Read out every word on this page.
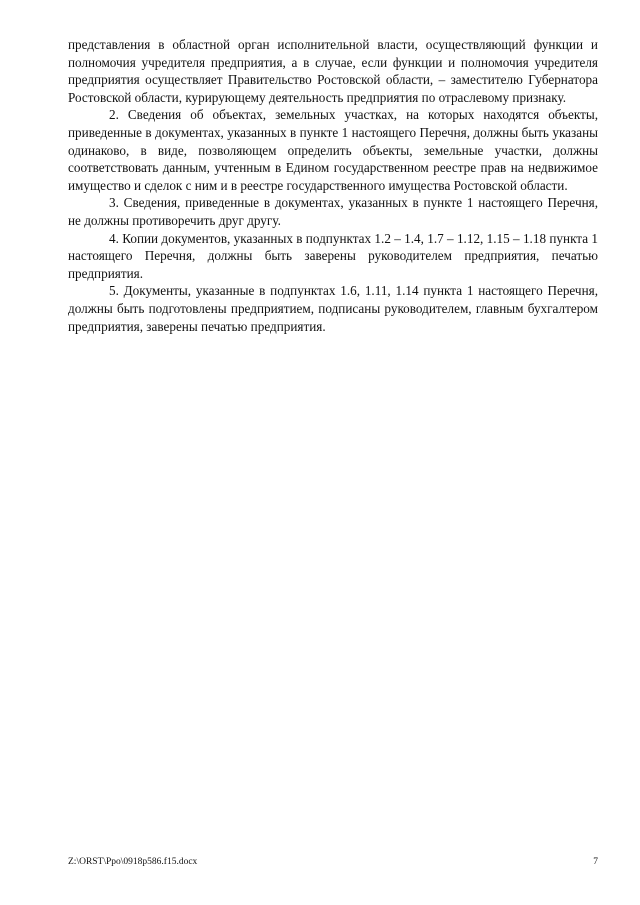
представления в областной орган исполнительной власти, осуществляющий функции и полномочия учредителя предприятия, а в случае, если функции и полномочия учредителя предприятия осуществляет Правительство Ростовской области, – заместителю Губернатора Ростовской области, курирующему деятельность предприятия по отраслевому признаку.

2. Сведения об объектах, земельных участках, на которых находятся объекты, приведенные в документах, указанных в пункте 1 настоящего Перечня, должны быть указаны одинаково, в виде, позволяющем определить объекты, земельные участки, должны соответствовать данным, учтенным в Едином государственном реестре прав на недвижимое имущество и сделок с ним и в реестре государственного имущества Ростовской области.

3. Сведения, приведенные в документах, указанных в пункте 1 настоящего Перечня, не должны противоречить друг другу.

4. Копии документов, указанных в подпунктах 1.2 – 1.4, 1.7 – 1.12, 1.15 – 1.18 пункта 1 настоящего Перечня, должны быть заверены руководителем предприятия, печатью предприятия.

5. Документы, указанные в подпунктах 1.6, 1.11, 1.14 пункта 1 настоящего Перечня, должны быть подготовлены предприятием, подписаны руководителем, главным бухгалтером предприятия, заверены печатью предприятия.

Z:\ORST\Ppo\0918p586.f15.docx	7
